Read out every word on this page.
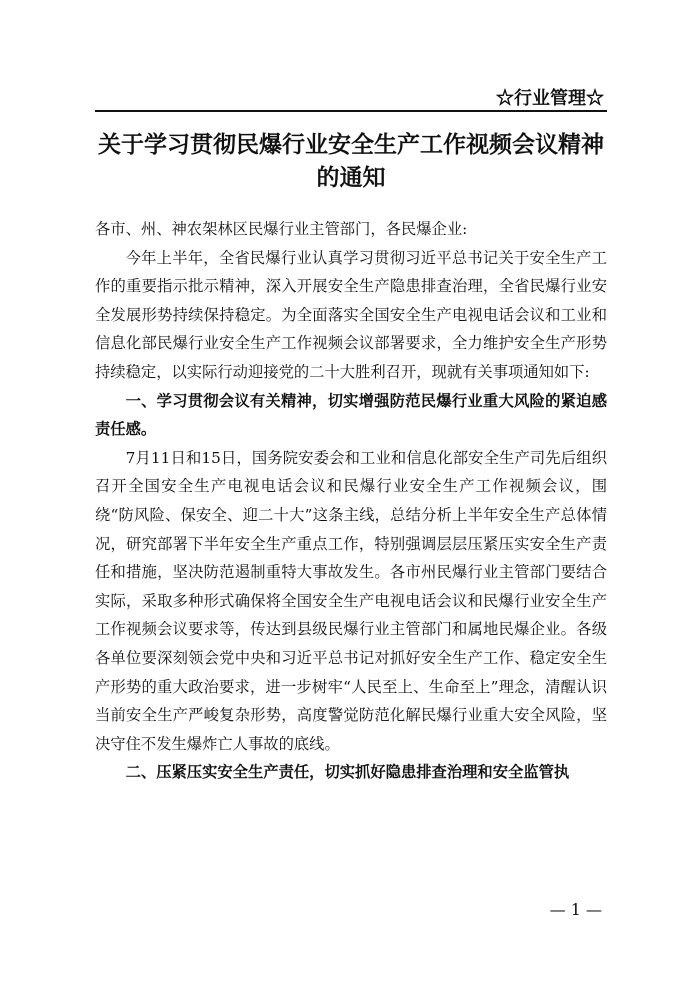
☆行业管理☆
关于学习贯彻民爆行业安全生产工作视频会议精神的通知

各市、州、神农架林区民爆行业主管部门，各民爆企业:

今年上半年，全省民爆行业认真学习贯彻习近平总书记关于安全生产工作的重要指示批示精神，深入开展安全生产隐患排查治理，全省民爆行业安全发展形势持续保持稳定。为全面落实全国安全生产电视电话会议和工业和信息化部民爆行业安全生产工作视频会议部署要求，全力维护安全生产形势持续稳定，以实际行动迎接党的二十大胜利召开，现就有关事项通知如下:

一、学习贯彻会议有关精神，切实增强防范民爆行业重大风险的紧迫感责任感。

7月11日和15日，国务院安委会和工业和信息化部安全生产司先后组织召开全国安全生产电视电话会议和民爆行业安全生产工作视频会议，围绕“防风险、保安全、迎二十大”这条主线，总结分析上半年安全生产总体情况，研究部署下半年安全生产重点工作，特别强调层层压紧压实安全生产责任和措施，坚决防范遏制重特大事故发生。各市州民爆行业主管部门要结合实际，采取多种形式确保将全国安全生产电视电话会议和民爆行业安全生产工作视频会议要求等，传达到县级民爆行业主管部门和属地民爆企业。各级各单位要深刻领会党中央和习近平总书记对抓好安全生产工作、稳定安全生产形势的重大政治要求，进一步树牢“人民至上、生命至上”理念，清醒认识当前安全生产严峻复杂形势，高度警觉防范化解民爆行业重大安全风险，坚决守住不发生爆炸亡人事故的底线。

二、压紧压实安全生产责任，切实抓好隐患排查治理和安全监管执

— 1 —
